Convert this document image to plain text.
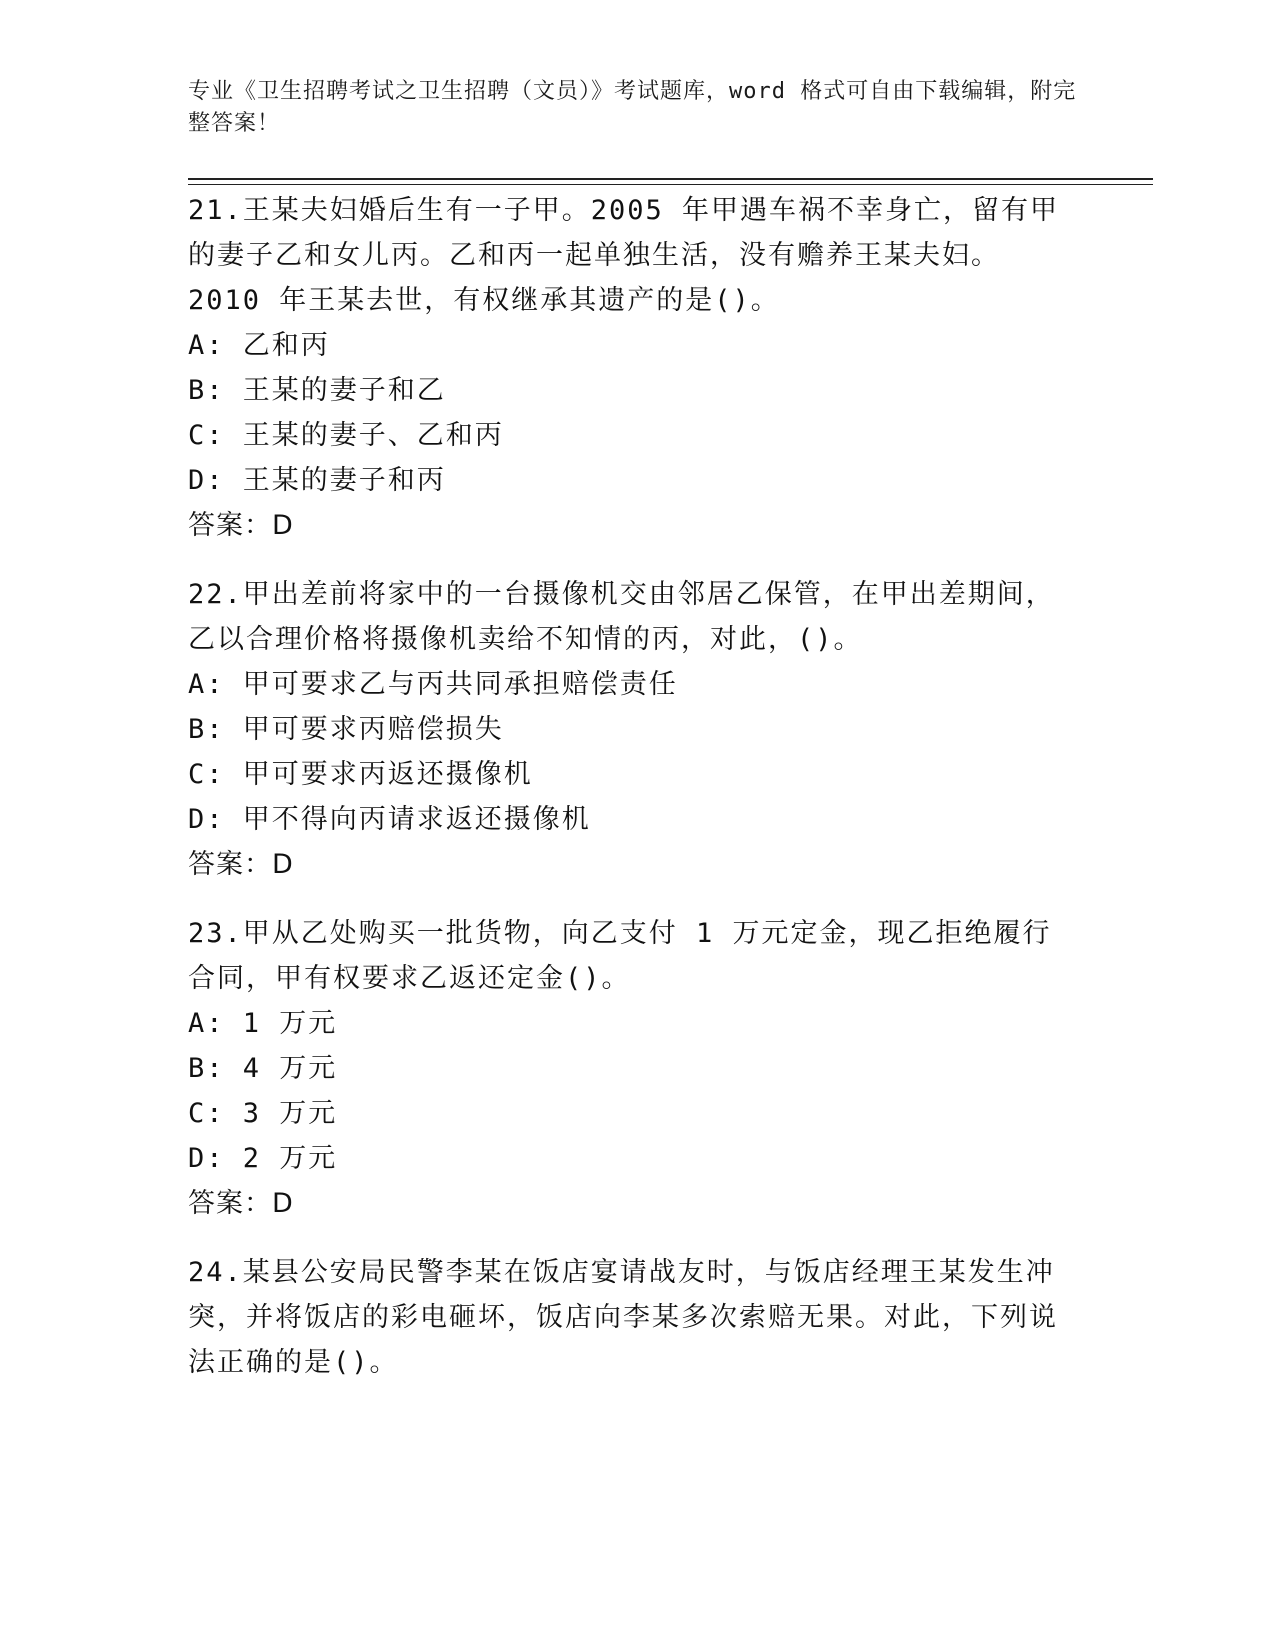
专业《卫生招聘考试之卫生招聘（文员）》考试题库，word 格式可自由下载编辑，附完整答案！

21.王某夫妇婚后生有一子甲。2005 年甲遇车祸不幸身亡，留有甲的妻子乙和女儿丙。乙和丙一起单独生活，没有赡养王某夫妇。2010 年王某去世，有权继承其遗产的是()。

A: 乙和丙

B: 王某的妻子和乙

C: 王某的妻子、乙和丙

D: 王某的妻子和丙

答案：D

22.甲出差前将家中的一台摄像机交由邻居乙保管，在甲出差期间，乙以合理价格将摄像机卖给不知情的丙，对此，()。

A: 甲可要求乙与丙共同承担赔偿责任

B: 甲可要求丙赔偿损失

C: 甲可要求丙返还摄像机

D: 甲不得向丙请求返还摄像机

答案：D

23.甲从乙处购买一批货物，向乙支付 1 万元定金，现乙拒绝履行合同，甲有权要求乙返还定金()。

A: 1 万元

B: 4 万元

C: 3 万元

D: 2 万元

答案：D

24.某县公安局民警李某在饭店宴请战友时，与饭店经理王某发生冲突，并将饭店的彩电砸坏，饭店向李某多次索赔无果。对此，下列说法正确的是()。
